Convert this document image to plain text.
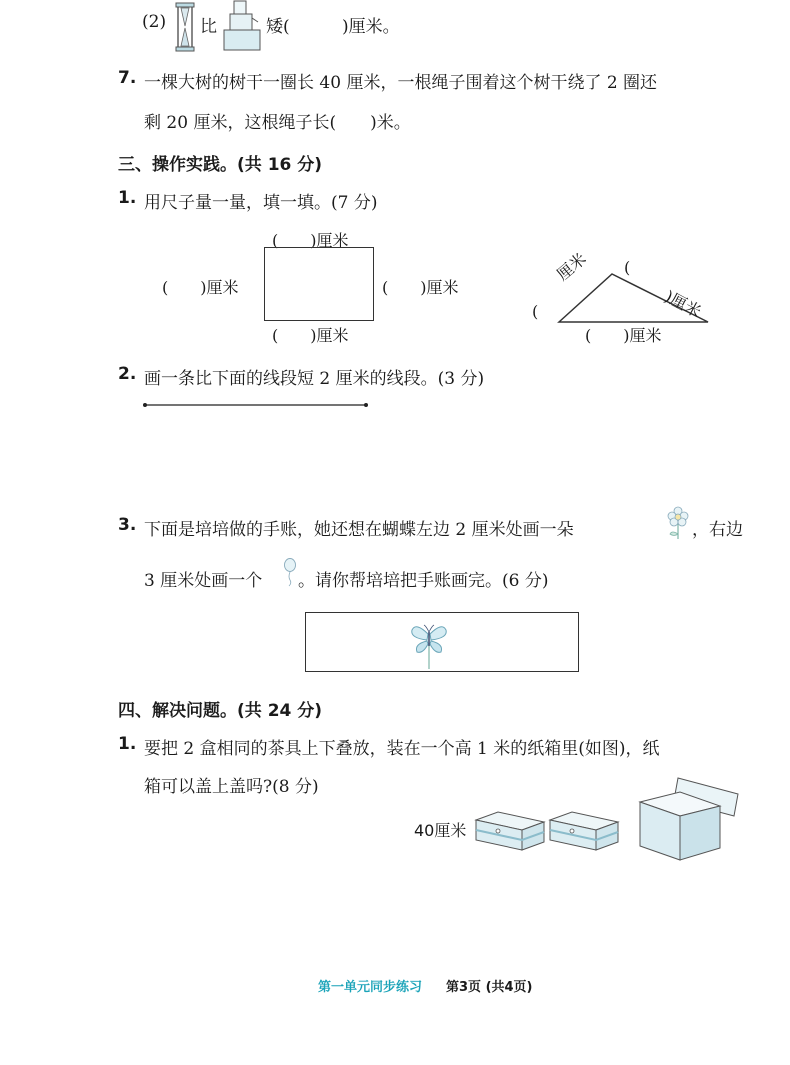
(2) 比	矮(	)厘米。
7. 一棵大树的树干一圈长 40 厘米，一根绳子围着这个树干绕了 2 圈还
剩 20 厘米，这根绳子长(　　)米。
三、操作实践。(共 16 分)
1. 用尺子量一量，填一填。(7 分)
(　　)厘米
(　　)厘米	(　　)厘米
(　　)厘米
(
厘米 (
)厘米
(　　)厘米
2. 画一条比下面的线段短 2 厘米的线段。(3 分)
3. 下面是培培做的手账，她还想在蝴蝶左边 2 厘米处画一朵	，右边
3 厘米处画一个 。请你帮培培把手账画完。(6 分)
四、解决问题。(共 24 分)
1. 要把 2 盒相同的茶具上下叠放，装在一个高 1 米的纸箱里(如图)，纸
箱可以盖上盖吗?(8 分)
40厘米
第一单元同步练习 第3页 (共4页)
